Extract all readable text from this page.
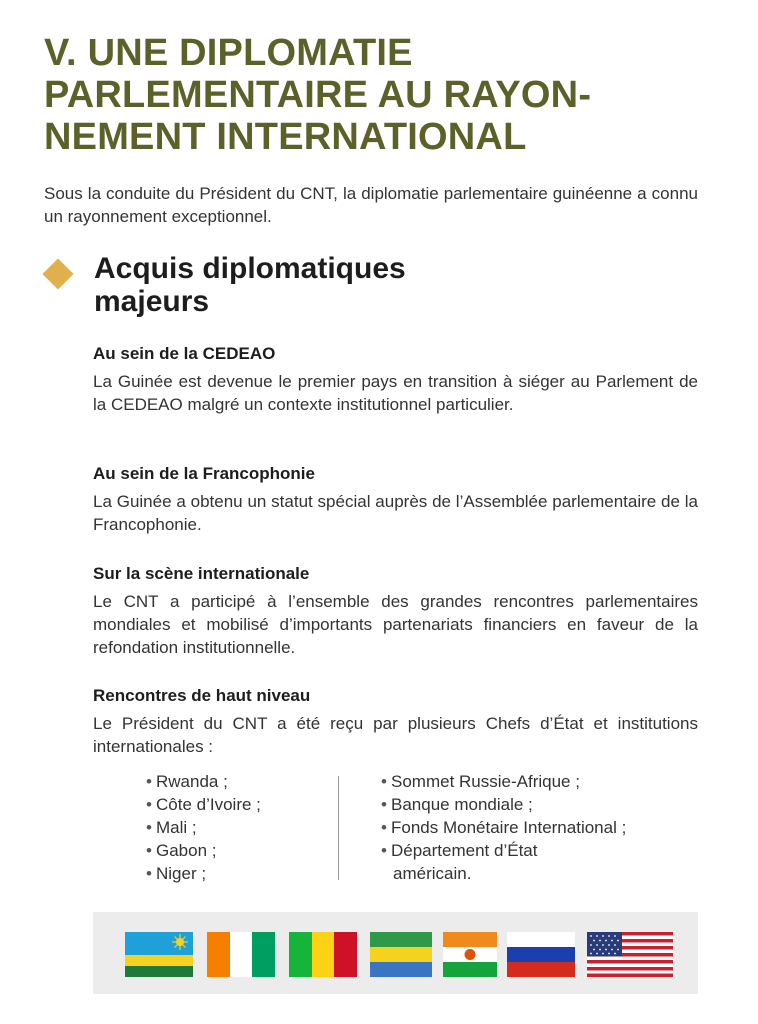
V. UNE DIPLOMATIE
PARLEMENTAIRE AU RAYON-
NEMENT INTERNATIONAL
Sous la conduite du Président du CNT, la diplomatie parlementaire guinéenne a connu un rayonnement exceptionnel.
Acquis diplomatiques
majeurs
Au sein de la CEDEAO

La Guinée est devenue le premier pays en transition à siéger au Parlement de la CEDEAO malgré un contexte institutionnel particulier.

Au sein de la Francophonie

La Guinée a obtenu un statut spécial auprès de l’Assemblée parlementaire de la Francophonie.

Sur la scène internationale

Le CNT a participé à l’ensemble des grandes rencontres parlementaires mondiales et mobilisé d’importants partenariats financiers en faveur de la refondation institutionnelle.

Rencontres de haut niveau

Le Président du CNT a été reçu par plusieurs Chefs d’État et institutions internationales :

• Rwanda ;
• Côte d’Ivoire ;
• Mali ;
• Gabon ;
• Niger ;
• Sommet Russie-Afrique ;
• Banque mondiale ;
• Fonds Monétaire International ;
• Département d’État
américain.
